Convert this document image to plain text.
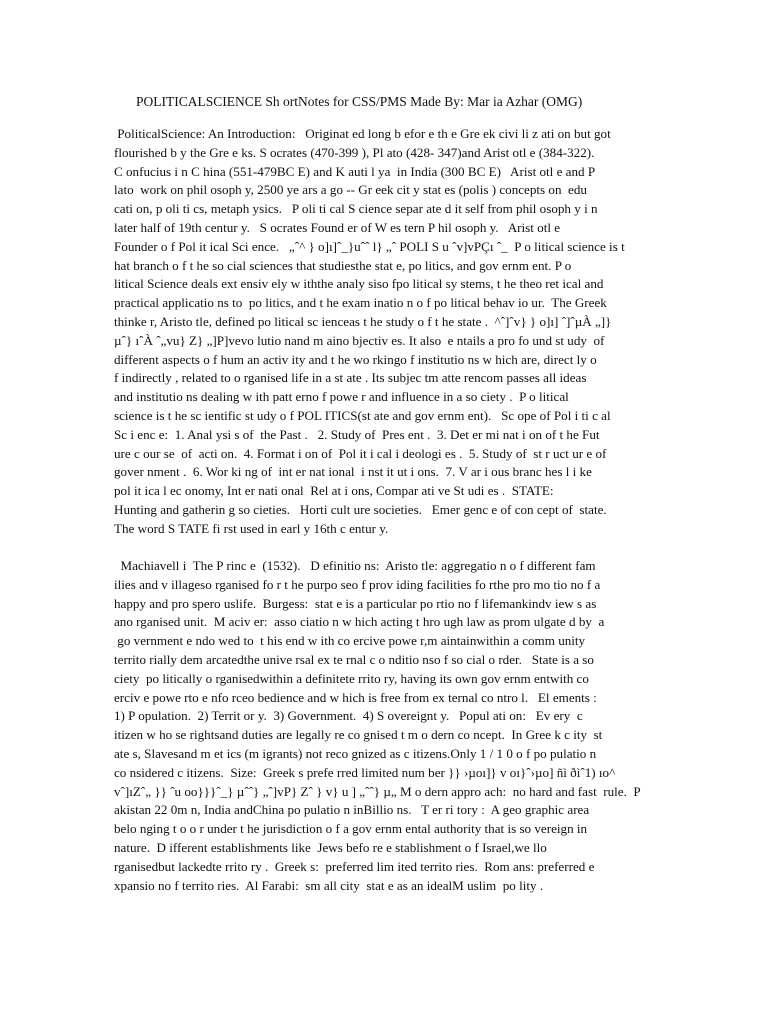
POLITICALSCIENCE Sh ortNotes for CSS/PMS Made By: Mar ia Azhar (OMG)
PoliticalScience: An Introduction:   Originat ed long b efor e th e Gre ek civi li z ati on but got
flourished b y the Gre e ks. S ocrates (470-399 ), Pl ato (428- 347)and Arist otl e (384-322).
C onfucius i n C hina (551-479BC E) and K auti l ya  in India (300 BC E)   Arist otl e and P
lato  work on phil osoph y, 2500 ye ars a go -- Gr eek cit y stat es (polis ) concepts on  edu
cati on, p oli ti cs, metaph ysics.   P oli ti cal S cience separ ate d it self from phil osoph y i n
later half of 19th centur y.   S ocrates Found er of W es tern P hil osoph y.   Arist otl e
Founder o f Pol it ical Sci ence.   „ˆ^ } o]ı]ˆ_}uˆˆ l} „ˆ POLI S u ˆv]vPÇı ˆ_  P o litical science is t
hat branch o f t he so cial sciences that studiesthe stat e, po litics, and gov ernm ent. P o
litical Science deals ext ensiv ely w iththe analy siso fpo litical sy stems, t he theo ret ical and
practical applicatio ns to  po litics, and t he exam inatio n o f po litical behav io ur.  The Greek
thinke r, Aristo tle, defined po litical sc ienceas t he study o f t he state .  ^ˆ]ˆv} } o]ı] ˆ]ˆµÀ „]}
µˆ} ıˆÀ ˆ„vu} Z} „]P]vevo lutio nand m aino bjectiv es. It also  e ntails a pro fo und st udy  of
different aspects o f hum an activ ity and t he wo rkingo f institutio ns w hich are, direct ly o
f indirectly , related to o rganised life in a st ate . Its subjec tm atte rencom passes all ideas
and institutio ns dealing w ith patt erno f powe r and influence in a so ciety .  P o litical
science is t he sc ientific st udy o f POL ITICS(st ate and gov ernm ent).   Sc ope of Pol i ti c al
Sc i enc e:  1. Anal ysi s of  the Past .   2. Study of  Pres ent .  3. Det er mi nat i on of t he Fut
ure c our se  of  acti on.  4. Format i on of  Pol it i cal i deologi es .  5. Study of  st r uct ur e of
gover nment .  6. Wor ki ng of  int er nat ional  i nst it ut i ons.  7. V ar i ous branc hes l i ke
pol it ica l ec onomy, Int er nati onal  Rel at i ons, Compar ati ve St udi es .  STATE:
Hunting and gatherin g so cieties.   Horti cult ure societies.   Emer genc e of con cept of  state.
The word S TATE fi rst used in earl y 16th c entur y.
Machiavell i  The P rinc e  (1532).   D efinitio ns:  Aristo tle: aggregatio n o f different fam
ilies and v illageso rganised fo r t he purpo seo f prov iding facilities fo rthe pro mo tio no f a
happy and pro spero uslife.  Burgess:  stat e is a particular po rtio no f lifemankindv iew s as
ano rganised unit.  M aciv er:  asso ciatio n w hich acting t hro ugh law as prom ulgate d by  a
go vernment e ndo wed to  t his end w ith co ercive powe r,m aintainwithin a comm unity
territo rially dem arcatedthe unive rsal ex te rnal c o nditio nso f so cial o rder.   State is a so
ciety  po litically o rganisedwithin a definitete rrito ry, having its own gov ernm entwith co
erciv e powe rto e nfo rceo bedience and w hich is free from ex ternal co ntro l.   El ements :
1) P opulation.  2) Territ or y.  3) Government.  4) S overeignt y.   Popul ati on:   Ev ery  c
itizen w ho se rightsand duties are legally re co gnised t m o dern co ncept.  In Gree k c ity  st
ate s, Slavesand m et ics (m igrants) not reco gnized as c itizens.Only 1 / 1 0 o f po pulatio n
co nsidered c itizens.  Size:  Greek s prefe rred limited num ber }} ›µoı]} v oı}ˆ›µo] ñì ðìˆ1) ıo^
vˆ]ıZˆ„ }} ˆu oo}}}ˆ_} µˆˆ} „ˆ]vP} Zˆ } v} u ] „ˆˆ} µ„ M o dern appro ach:  no hard and fast  rule.  P
akistan 22 0m n, India andChina po pulatio n inBillio ns.   T er ri tory :  A geo graphic area
belo nging t o o r under t he jurisdiction o f a gov ernm ental authority that is so vereign in
nature.  D ifferent establishments like  Jews befo re e stablishment o f Israel,we llo
rganisedbut lackedte rrito ry .  Greek s:  preferred lim ited territo ries.  Rom ans: preferred e
xpansio no f territo ries.  Al Farabi:  sm all city  stat e as an idealM uslim  po lity .
